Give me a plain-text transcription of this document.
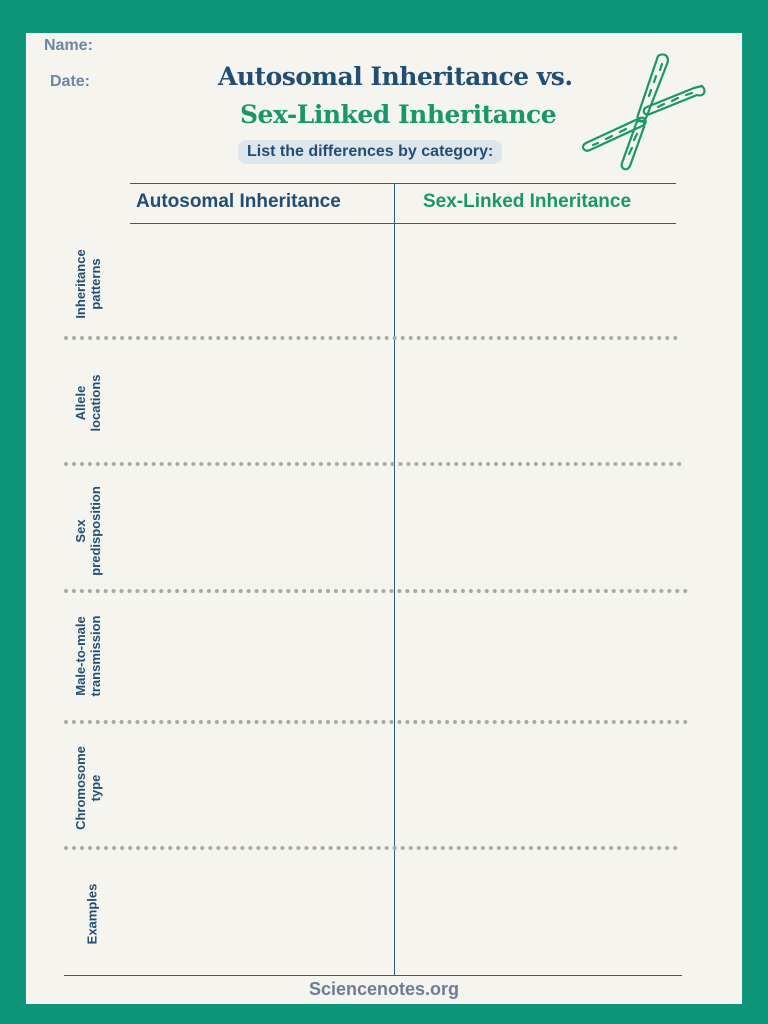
Name:
Date:	Autosomal Inheritance vs.
Sex-Linked Inheritance
List the differences by category:
Autosomal Inheritance	Sex-Linked Inheritance
Inheritance
patterns
Allele
locations
Sex
predisposition
Male-to-male
transmission
Chromosome
type
Examples
Sciencenotes.org
